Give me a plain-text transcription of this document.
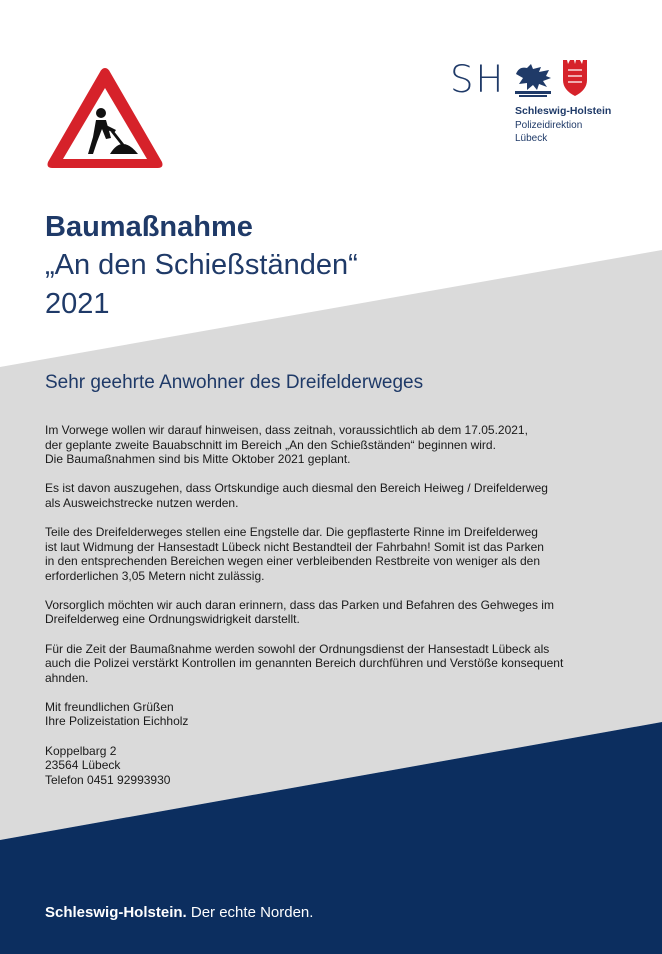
SH
Schleswig-Holstein
Polizeidirektion
Lübeck
Baumaßnahme
„An den Schießständen“
2021
Sehr geehrte Anwohner des Dreifelderweges
Im Vorwege wollen wir darauf hinweisen, dass zeitnah, voraussichtlich ab dem 17.05.2021,
der geplante zweite Bauabschnitt im Bereich „An den Schießständen“ beginnen wird.
Die Baumaßnahmen sind bis Mitte Oktober 2021 geplant.
Es ist davon auszugehen, dass Ortskundige auch diesmal den Bereich Heiweg / Dreifelderweg
als Ausweichstrecke nutzen werden.
Teile des Dreifelderweges stellen eine Engstelle dar. Die gepflasterte Rinne im Dreifelderweg
ist laut Widmung der Hansestadt Lübeck nicht Bestandteil der Fahrbahn! Somit ist das Parken
in den entsprechenden Bereichen wegen einer verbleibenden Restbreite von weniger als den
erforderlichen 3,05 Metern nicht zulässig.
Vorsorglich möchten wir auch daran erinnern, dass das Parken und Befahren des Gehweges im
Dreifelderweg eine Ordnungswidrigkeit darstellt.
Für die Zeit der Baumaßnahme werden sowohl der Ordnungsdienst der Hansestadt Lübeck als
auch die Polizei verstärkt Kontrollen im genannten Bereich durchführen und Verstöße konsequent
ahnden.
Mit freundlichen Grüßen
Ihre Polizeistation Eichholz
Koppelbarg 2
23564 Lübeck
Telefon 0451 92993930
Schleswig-Holstein. Der echte Norden.
